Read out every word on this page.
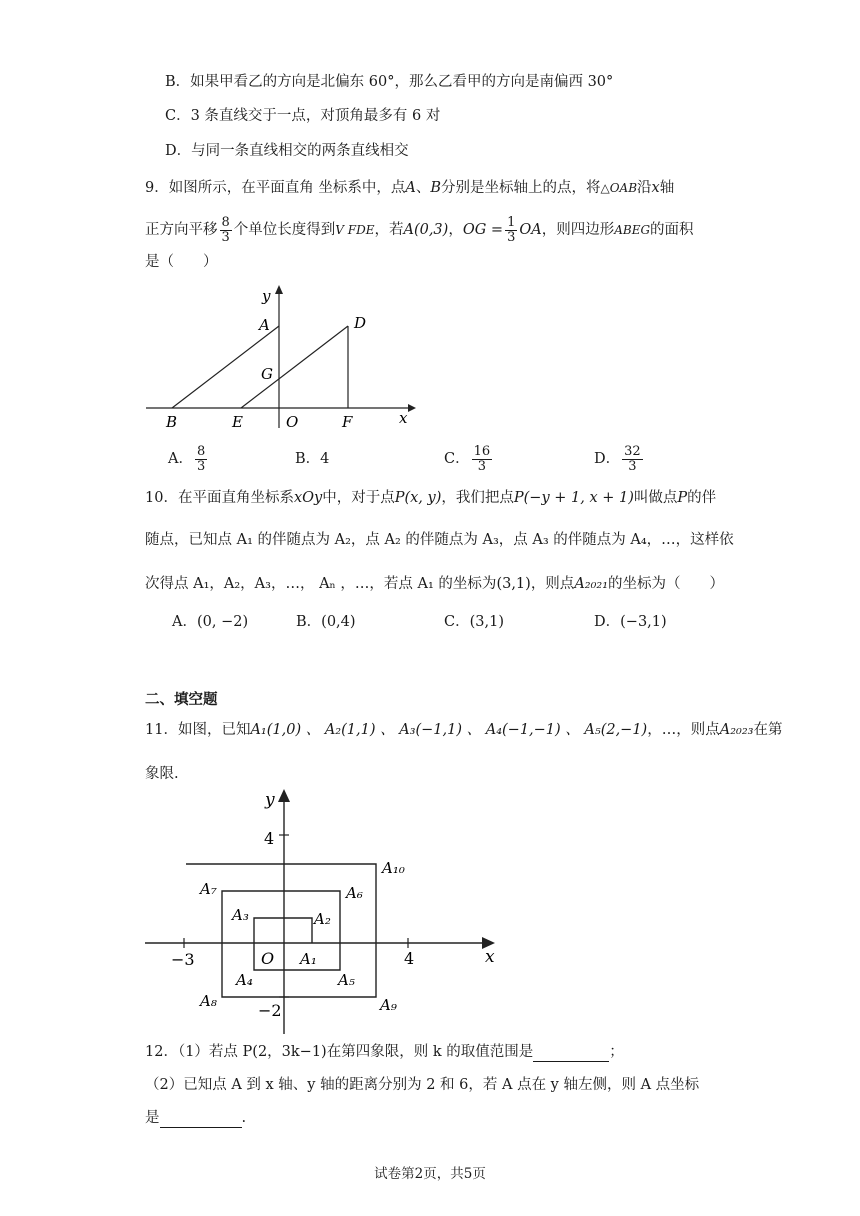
B．如果甲看乙的方向是北偏东 60°，那么乙看甲的方向是南偏西 30°
C．3 条直线交于一点，对顶角最多有 6 对
D．与同一条直线相交的两条直线相交
9．如图所示，在平面直角 坐标系中，点A、B分别是坐标轴上的点，将△OAB沿x轴
正方向平移 $\frac{8}{3}$ 个单位长度得到V FDE，若A(0,3)，OG = $\frac{1}{3}$ OA，则四边形ABEG的面积
是（　　）
y
A	D
G
B	E	O	F	x
A． $\frac{8}{3}$	B．4	C． $\frac{16}{3}$	D． $\frac{32}{3}$
10．在平面直角坐标系xOy中，对于点P(x, y)，我们把点P(−y + 1, x + 1)叫做点P的伴
随点，已知点 A₁ 的伴随点为 A₂，点 A₂ 的伴随点为 A₃，点 A₃ 的伴随点为 A₄，…，这样依
次得点 A₁，A₂，A₃，…， Aₙ ，…，若点 A₁ 的坐标为(3,1)，则点A₂₀₂₁的坐标为（　　）
A．(0, −2)	B．(0,4)	C．(3,1)	D．(−3,1)
二、填空题
11．如图，已知A₁(1,0) 、 A₂(1,1) 、 A₃(−1,1) 、 A₄(−1,−1) 、 A₅(2,−1)，…，则点A₂₀₂₃在第
象限.
y
4
4
−3
−2
x
O A₁
A₂
A₃
A₄	A₅
A₆
A₇
A₈	A₉
A₁₀
12．（1）若点 P(2，3k−1)在第四象限，则 k 的取值范围是	；
（2）已知点 A 到 x 轴、y 轴的距离分别为 2 和 6，若 A 点在 y 轴左侧，则 A 点坐标
是	.
试卷第2页，共5页
